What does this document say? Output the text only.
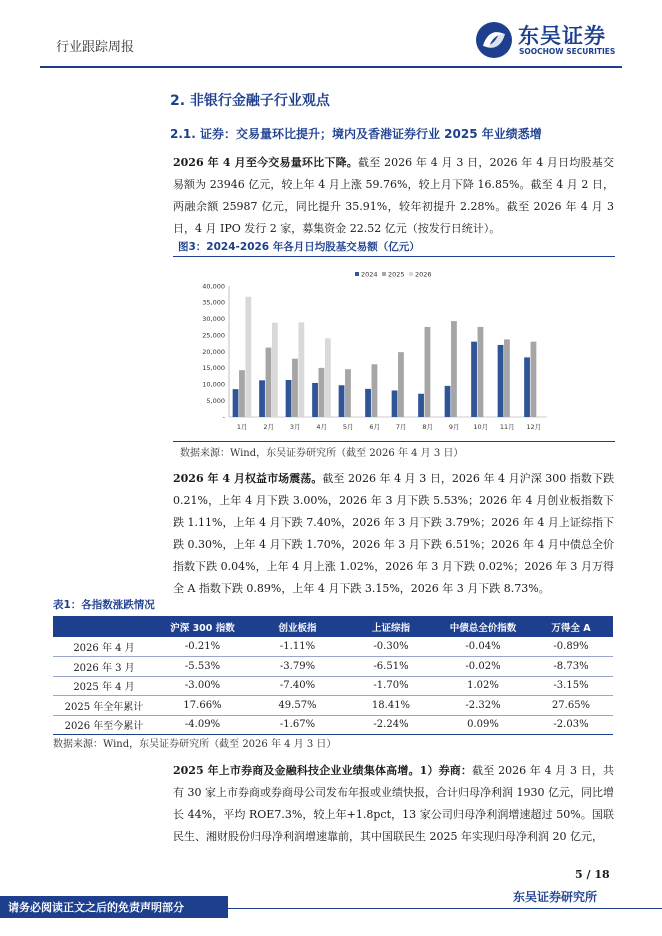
行业跟踪周报	东吴证券
SOOCHOW SECURITIES
2. 非银行金融子行业观点
2.1. 证券：交易量环比提升；境内及香港证券行业 2025 年业绩悉增
2026 年 4 月至今交易量环比下降。截至 2026 年 4 月 3 日，2026 年 4 月日均股基交易额为 23946 亿元，较上年 4 月上涨 59.76%，较上月下降 16.85%。截至 4 月 2 日，两融余额 25987 亿元，同比提升 35.91%，较年初提升 2.28%。截至 2026 年 4 月 3 日，4 月 IPO 发行 2 家，募集资金 22.52 亿元（按发行日统计）。
图3：2024-2026 年各月日均股基交易额（亿元）
40,000
35,000
30,000
25,000
20,000
15,000
10,000
5,000
-
1月 2月 3月 4月 5月 6月 7月 8月 9月 10月 11月 12月
2024 2025 2026
数据来源：Wind，东吴证券研究所（截至 2026 年 4 月 3 日）
2026 年 4 月权益市场震荡。截至 2026 年 4 月 3 日，2026 年 4 月沪深 300 指数下跌 0.21%，上年 4 月下跌 3.00%，2026 年 3 月下跌 5.53%；2026 年 4 月创业板指数下跌 1.11%，上年 4 月下跌 7.40%，2026 年 3 月下跌 3.79%；2026 年 4 月上证综指下跌 0.30%，上年 4 月下跌 1.70%，2026 年 3 月下跌 6.51%；2026 年 4 月中债总全价指数下跌 0.04%，上年 4 月上涨 1.02%，2026 年 3 月下跌 0.02%；2026 年 3 月万得全 A 指数下跌 0.89%，上年 4 月下跌 3.15%，2026 年 3 月下跌 8.73%。
表1：各指数涨跌情况
	沪深 300 指数	创业板指	上证综指	中债总全价指数	万得全 A
2026 年 4 月	-0.21%	-1.11%	-0.30%	-0.04%	-0.89%
2026 年 3 月	-5.53%	-3.79%	-6.51%	-0.02%	-8.73%
2025 年 4 月	-3.00%	-7.40%	-1.70%	1.02%	-3.15%
2025 年全年累计	17.66%	49.57%	18.41%	-2.32%	27.65%
2026 年至今累计	-4.09%	-1.67%	-2.24%	0.09%	-2.03%
数据来源：Wind，东吴证券研究所（截至 2026 年 4 月 3 日）
2025 年上市券商及金融科技企业业绩集体高增。1）券商：截至 2026 年 4 月 3 日，共有 30 家上市券商或券商母公司发布年报或业绩快报，合计归母净利润 1930 亿元，同比增长 44%，平均 ROE7.3%，较上年+1.8pct，13 家公司归母净利润增速超过 50%。国联民生、湘财股份归母净利润增速靠前，其中国联民生 2025 年实现归母净利润 20 亿元，
5 / 18
请务必阅读正文之后的免责声明部分
东吴证券研究所
